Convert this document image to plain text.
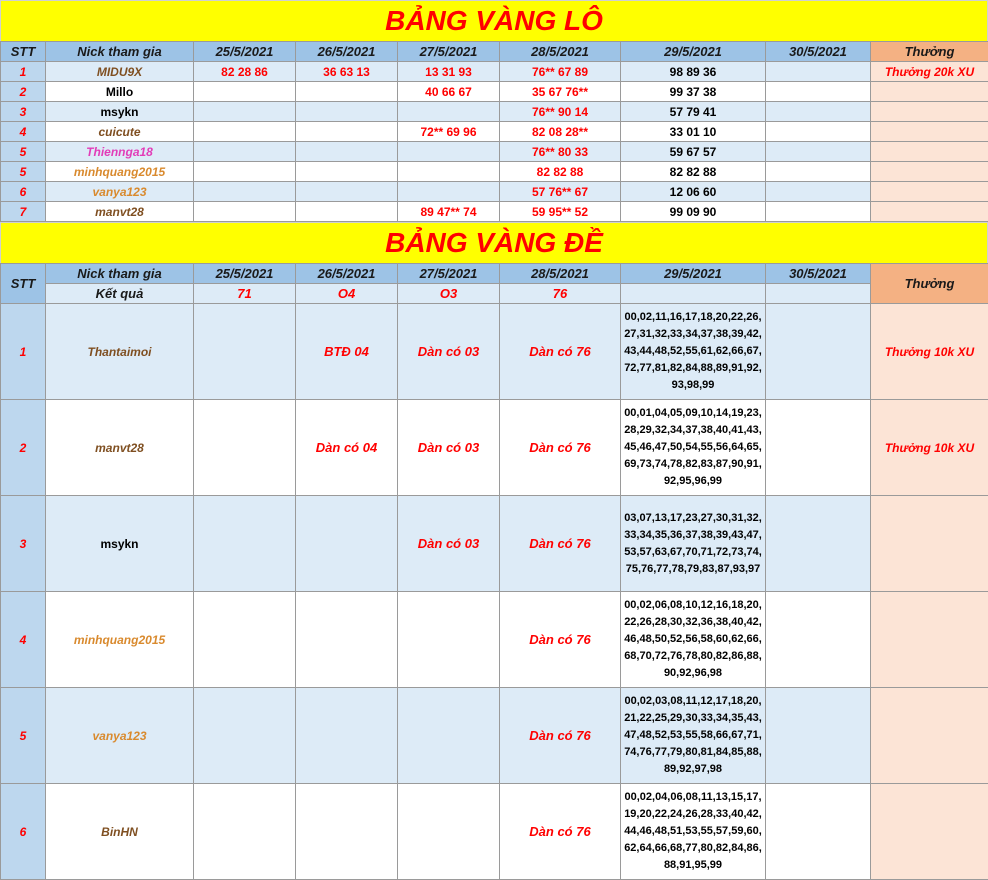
BẢNG VÀNG LÔ
STT	Nick tham gia	25/5/2021	26/5/2021	27/5/2021	28/5/2021	29/5/2021	30/5/2021	Thưởng
1	MIDU9X	82 28 86	36 63 13	13 31 93	76** 67 89	98 89 36		Thưởng 20k XU
2	Millo			40 66 67	35 67 76**	99 37 38		
3	msykn				76** 90 14	57 79 41		
4	cuicute			72** 69 96	82 08 28**	33 01 10		
5	Thiennga18				76** 80 33	59 67 57		
5	minhquang2015				82 82 88	82 82 88		
6	vanya123				57 76** 67	12 06 60		
7	manvt28			89 47** 74	59 95** 52	99 09 90		
BẢNG VÀNG ĐỀ
STT	Nick tham gia	25/5/2021	26/5/2021	27/5/2021	28/5/2021	29/5/2021	30/5/2021	Thưởng
	Kết quả	71	O4	O3	76			
1	Thantaimoi		BTĐ 04	Dàn có 03	Dàn có 76	00,​02,​11,​16,​17,​18,​20,​22,​26,​27,​31,​32,​33,​34,​37,​38,​39,​42,​43,​44,​48,​52,​55,​61,​62,​66,​67,​72,​77,​81,​82,​84,​88,​89,​91,​92,​93,​98,​99		Thưởng 10k XU
2	manvt28		Dàn có 04	Dàn có 03	Dàn có 76	00,​01,​04,​05,​09,​10,​14,​19,​23,​28,​29,​32,​34,​37,​38,​40,​41,​43,​45,​46,​47,​50,​54,​55,​56,​64,​65,​69,​73,​74,​78,​82,​83,​87,​90,​91,​92,​95,​96,​99		Thưởng 10k XU
3	msykn			Dàn có 03	Dàn có 76	03,​07,​13,​17,​23,​27,​30,​31,​32,​33,​34,​35,​36,​37,​38,​39,​43,​47,​53,​57,​63,​67,​70,​71,​72,​73,​74,​75,​76,​77,​78,​79,​83,​87,​93,​97		
4	minhquang2015				Dàn có 76	00,​02,​06,​08,​10,​12,​16,​18,​20,​22,​26,​28,​30,​32,​36,​38,​40,​42,​46,​48,​50,​52,​56,​58,​60,​62,​66,​68,​70,​72,​76,​78,​80,​82,​86,​88,​90,​92,​96,​98		
5	vanya123				Dàn có 76	00,​02,​03,​08,​11,​12,​17,​18,​20,​21,​22,​25,​29,​30,​33,​34,​35,​43,​47,​48,​52,​53,​55,​58,​66,​67,​71,​74,​76,​77,​79,​80,​81,​84,​85,​88,​89,​92,​97,​98		
6	BinHN				Dàn có 76	00,​02,​04,​06,​08,​11,​13,​15,​17,​19,​20,​22,​24,​26,​28,​33,​40,​42,​44,​46,​48,​51,​53,​55,​57,​59,​60,​62,​64,​66,​68,​77,​80,​82,​84,​86,​88,​91,​95,​99		
